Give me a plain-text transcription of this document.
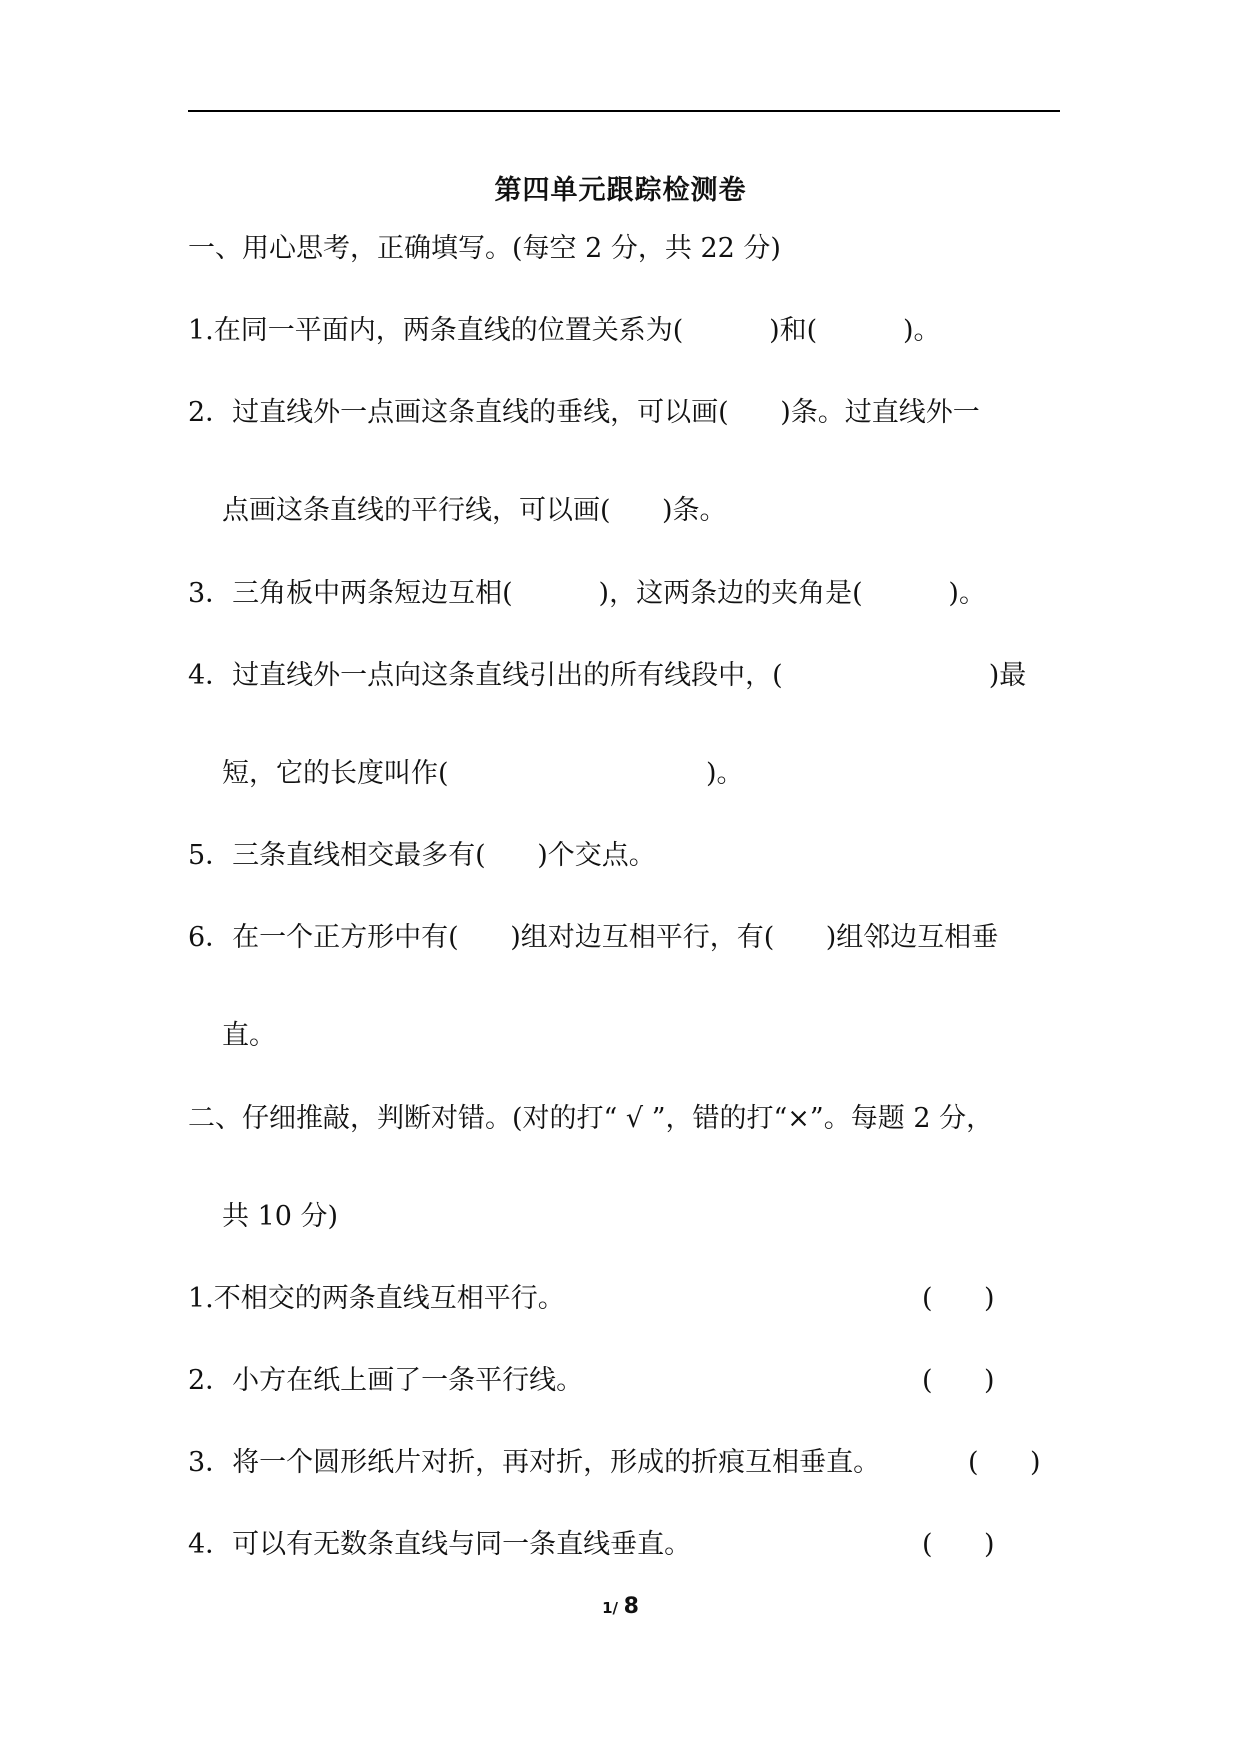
第四单元跟踪检测卷
一、用心思考，正确填写。(每空 2 分，共 22 分)
1.在同一平面内，两条直线的位置关系为(          )和(          )。
2．过直线外一点画这条直线的垂线，可以画(      )条。过直线外一
点画这条直线的平行线，可以画(      )条。
3．三角板中两条短边互相(          )，这两条边的夹角是(          )。
4．过直线外一点向这条直线引出的所有线段中，(                        )最
短，它的长度叫作(                              )。
5．三条直线相交最多有(      )个交点。
6．在一个正方形中有(      )组对边互相平行，有(      )组邻边互相垂
直。
二、仔细推敲，判断对错。(对的打“ √ ”，错的打“×”。每题 2 分，
共 10 分)
1.不相交的两条直线互相平行。	(      )
2．小方在纸上画了一条平行线。	(      )
3．将一个圆形纸片对折，再对折，形成的折痕互相垂直。	(      )
4．可以有无数条直线与同一条直线垂直。	(      )
1/ 8
